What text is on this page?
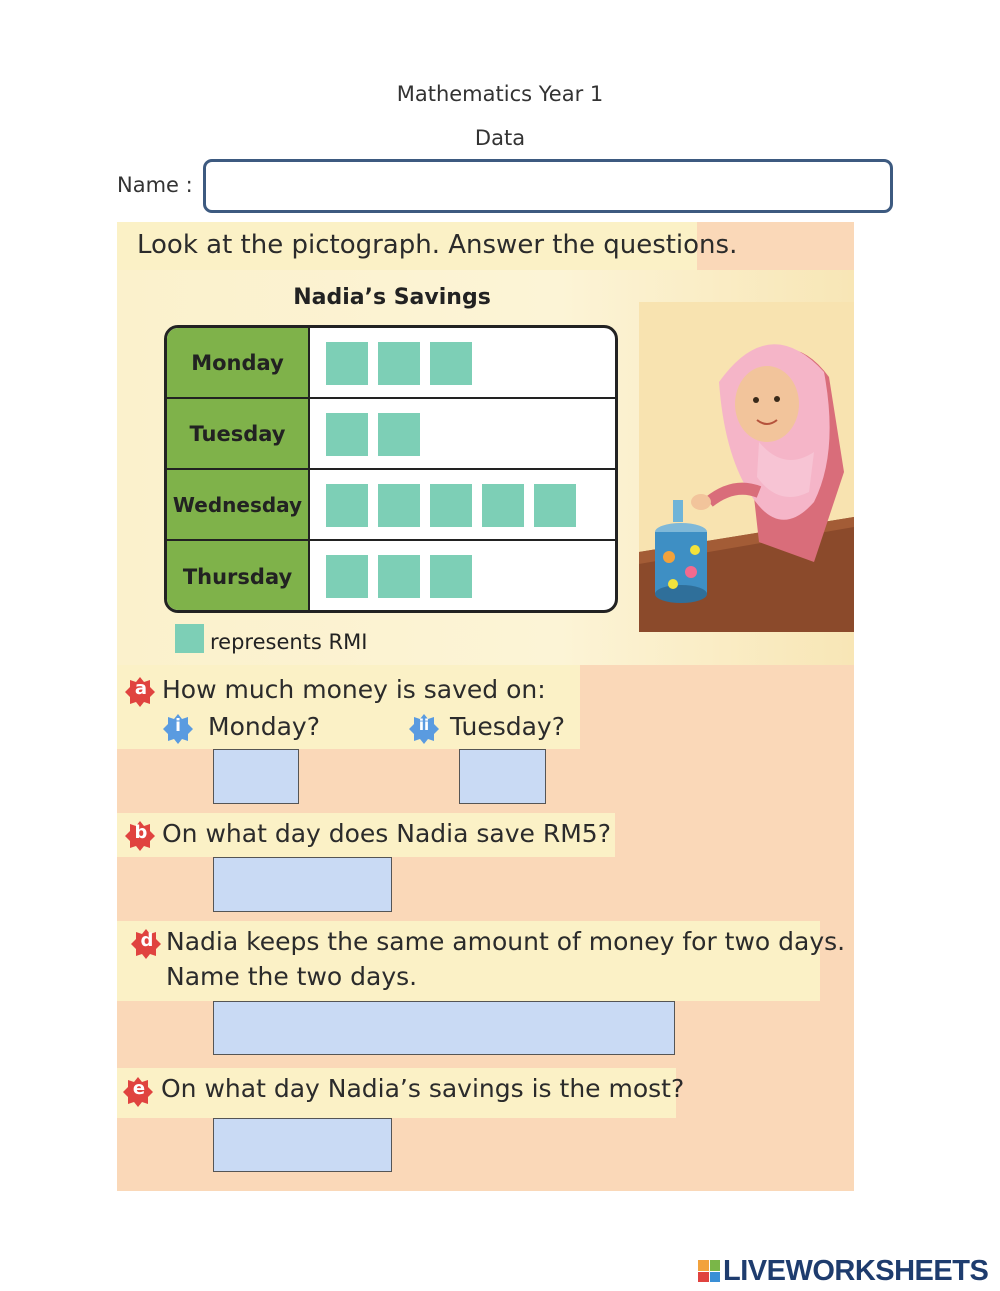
Mathematics Year 1
Data
Name :
Look at the pictograph. Answer the questions.
Nadia’s Savings
Monday
Tuesday
Wednesday
Thursday
represents RMI
a How much money is saved on:
i Monday?	ii Tuesday?
b On what day does Nadia save RM5?
d Nadia keeps the same amount of money for two days.
Name the two days.
e On what day Nadia’s savings is the most?
LIVEWORKSHEETS
